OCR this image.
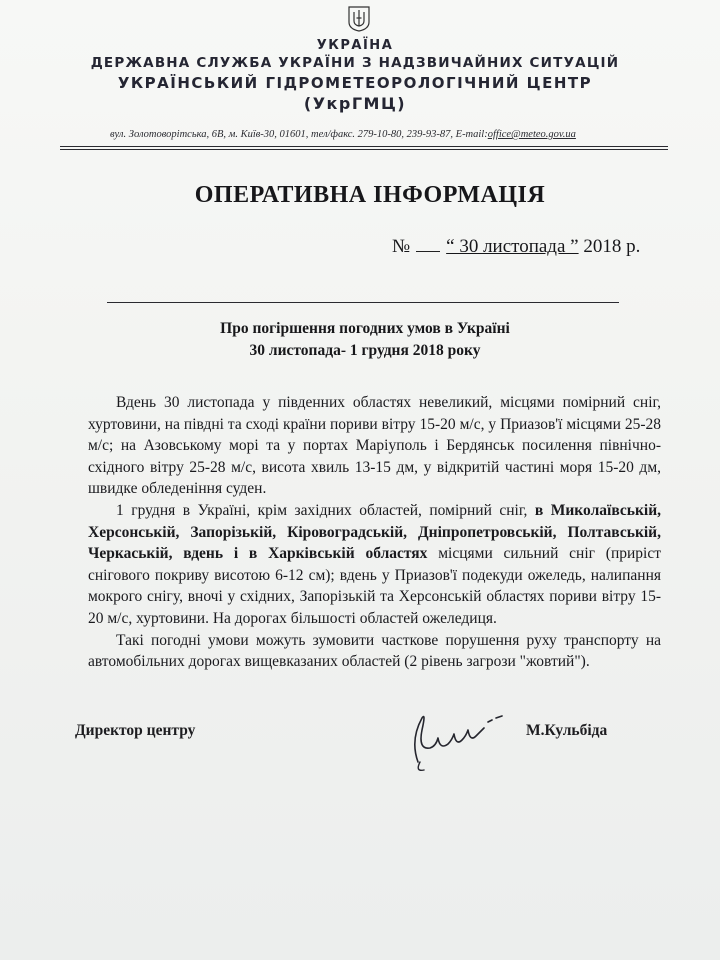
УКРАЇНА
ДЕРЖАВНА СЛУЖБА УКРАЇНИ З НАДЗВИЧАЙНИХ СИТУАЦІЙ
УКРАЇНСЬКИЙ ГІДРОМЕТЕОРОЛОГІЧНИЙ ЦЕНТР
(УкрГМЦ)
вул. Золотоворітська, 6В, м. Київ-30, 01601, тел/факс. 279-10-80, 239-93-87, E-mail:office@meteo.gov.ua
ОПЕРАТИВНА ІНФОРМАЦІЯ
№ “ 30 листопада ” 2018 р.
Про погіршення погодних умов в Україні
30 листопада- 1 грудня 2018 року

Вдень 30 листопада у південних областях невеликий, місцями помірний сніг, хуртовини, на півдні та сході країни пориви вітру 15-20 м/с, у Приазов'ї місцями 25-28 м/с; на Азовському морі та у портах Маріуполь і Бердянськ посилення північно-східного вітру 25-28 м/с, висота хвиль 13-15 дм, у відкритій частині моря 15-20 дм, швидке обледеніння суден.

1 грудня в Україні, крім західних областей, помірний сніг, в Миколаївській, Херсонській, Запорізькій, Кіровоградській, Дніпропетровській, Полтавській, Черкаській, вдень і в Харківській областях місцями сильний сніг (приріст снігового покриву висотою 6-12 см); вдень у Приазов'ї подекуди ожеледь, налипання мокрого снігу, вночі у східних, Запорізькій та Херсонській областях пориви вітру 15-20 м/с, хуртовини. На дорогах більшості областей ожеледиця.

Такі погодні умови можуть зумовити часткове порушення руху транспорту на автомобільних дорогах вищевказаних областей (2 рівень загрози "жовтий").

Директор центру	М.Кульбіда
